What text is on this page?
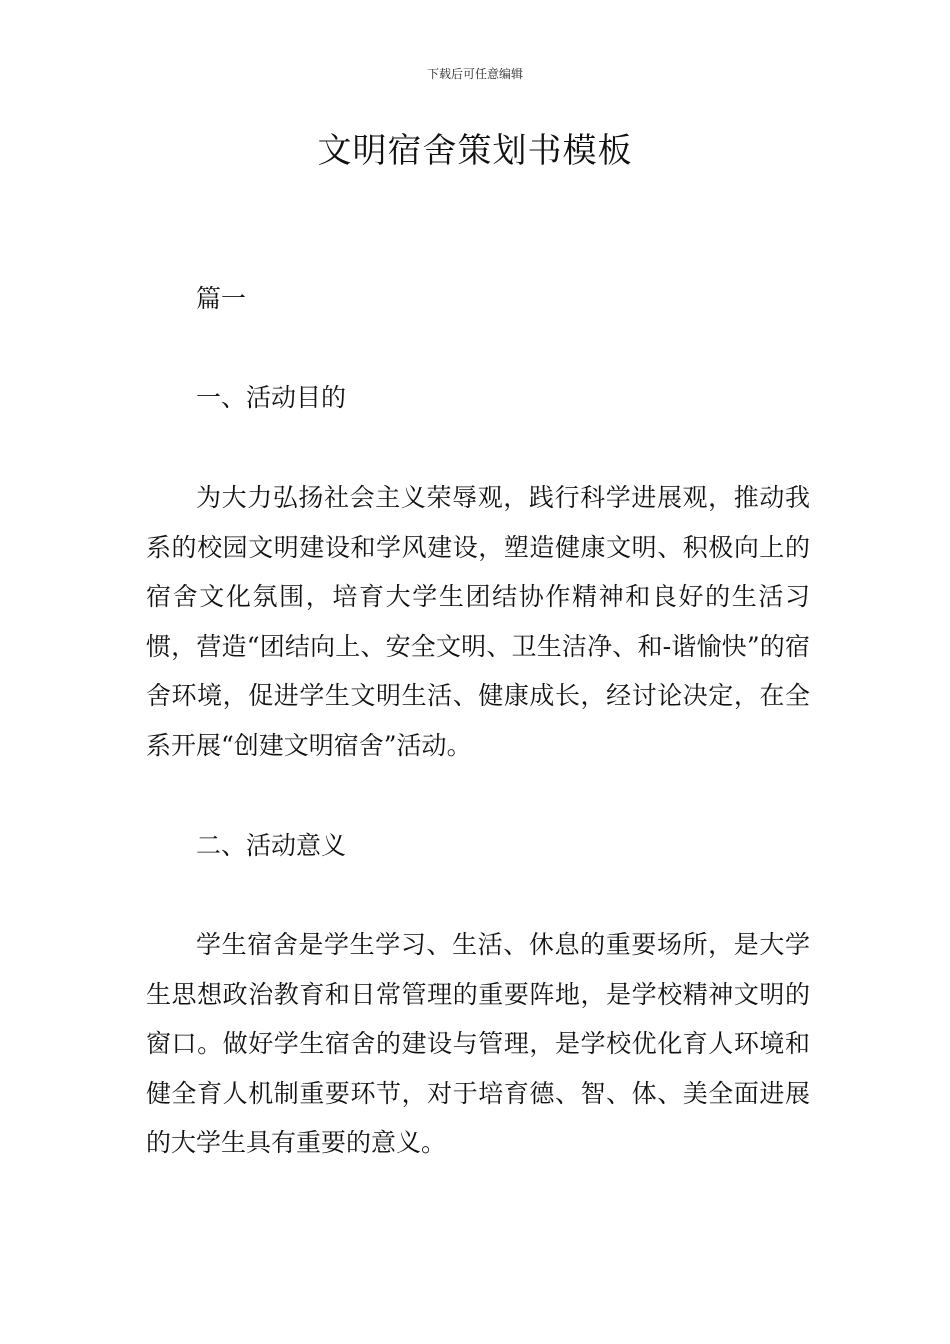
下载后可任意编辑
文明宿舍策划书模板

篇一

一、活动目的

为大力弘扬社会主义荣辱观，践行科学进展观，推动我系的校园文明建设和学风建设，塑造健康文明、积极向上的宿舍文化氛围，培育大学生团结协作精神和良好的生活习惯，营造“团结向上、安全文明、卫生洁净、和-谐愉快”的宿舍环境，促进学生文明生活、健康成长，经讨论决定，在全系开展“创建文明宿舍”活动。

二、活动意义

学生宿舍是学生学习、生活、休息的重要场所，是大学生思想政治教育和日常管理的重要阵地，是学校精神文明的窗口。做好学生宿舍的建设与管理，是学校优化育人环境和健全育人机制重要环节，对于培育德、智、体、美全面进展的大学生具有重要的意义。
